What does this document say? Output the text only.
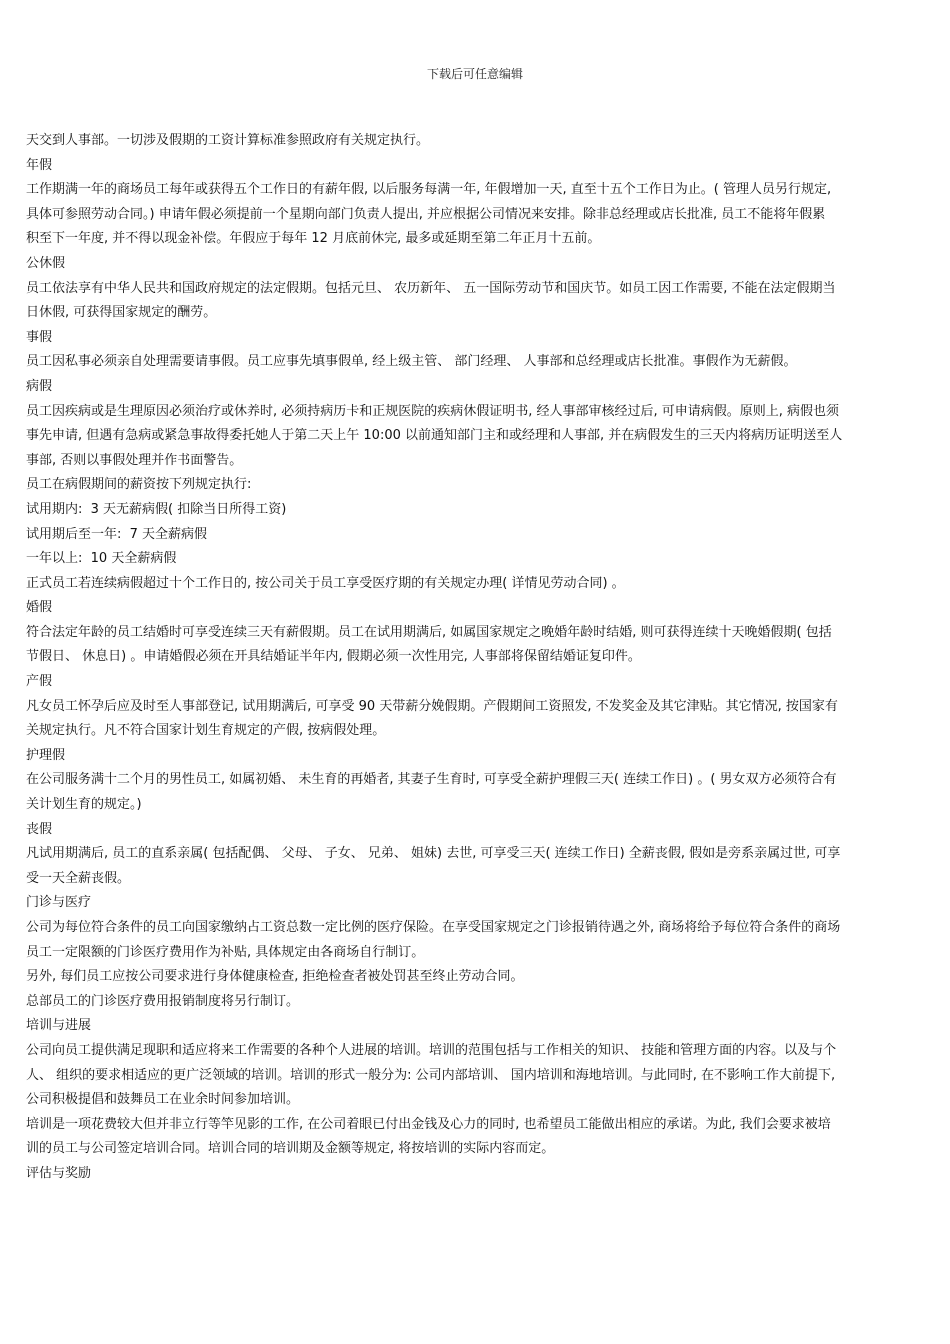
下载后可任意编辑
天交到人事部。一切涉及假期的工资计算标准参照政府有关规定执行。
年假
工作期满一年的商场员工每年或获得五个工作日的有薪年假, 以后服务每满一年, 年假增加一天, 直至十五个工作日为止。( 管理人员另行规定,
具体可参照劳动合同。) 申请年假必须提前一个星期向部门负责人提出, 并应根据公司情况来安排。除非总经理或店长批准, 员工不能将年假累
积至下一年度, 并不得以现金补偿。年假应于每年 12 月底前休完, 最多或延期至第二年正月十五前。
公休假
员工依法享有中华人民共和国政府规定的法定假期。包括元旦、 农历新年、 五一国际劳动节和国庆节。如员工因工作需要, 不能在法定假期当
日休假, 可获得国家规定的酬劳。
事假
员工因私事必须亲自处理需要请事假。员工应事先填事假单, 经上级主管、 部门经理、 人事部和总经理或店长批准。事假作为无薪假。
病假
员工因疾病或是生理原因必须治疗或休养时, 必须持病历卡和正规医院的疾病休假证明书, 经人事部审核经过后, 可申请病假。原则上, 病假也须
事先申请, 但遇有急病或紧急事故得委托她人于第二天上午 10:00 以前通知部门主和或经理和人事部, 并在病假发生的三天内将病历证明送至人
事部, 否则以事假处理并作书面警告。
员工在病假期间的薪资按下列规定执行:
试用期内:  3 天无薪病假( 扣除当日所得工资)
试用期后至一年:  7 天全薪病假
一年以上:  10 天全薪病假
正式员工若连续病假超过十个工作日的, 按公司关于员工享受医疗期的有关规定办理( 详情见劳动合同) 。
婚假
符合法定年龄的员工结婚时可享受连续三天有薪假期。员工在试用期满后, 如属国家规定之晚婚年龄时结婚, 则可获得连续十天晚婚假期( 包括
节假日、 休息日) 。申请婚假必须在开具结婚证半年内, 假期必须一次性用完, 人事部将保留结婚证复印件。
产假
凡女员工怀孕后应及时至人事部登记, 试用期满后, 可享受 90 天带薪分娩假期。产假期间工资照发, 不发奖金及其它津贴。其它情况, 按国家有
关规定执行。凡不符合国家计划生育规定的产假, 按病假处理。
护理假
在公司服务满十二个月的男性员工, 如属初婚、 未生育的再婚者, 其妻子生育时, 可享受全薪护理假三天( 连续工作日) 。( 男女双方必须符合有
关计划生育的规定。)
丧假
凡试用期满后, 员工的直系亲属( 包括配偶、 父母、 子女、 兄弟、 姐妹) 去世, 可享受三天( 连续工作日) 全薪丧假, 假如是旁系亲属过世, 可享
受一天全薪丧假。
门诊与医疗
公司为每位符合条件的员工向国家缴纳占工资总数一定比例的医疗保险。在享受国家规定之门诊报销待遇之外, 商场将给予每位符合条件的商场
员工一定限额的门诊医疗费用作为补贴, 具体规定由各商场自行制订。
另外, 每们员工应按公司要求进行身体健康检查, 拒绝检查者被处罚甚至终止劳动合同。
总部员工的门诊医疗费用报销制度将另行制订。
培训与进展
公司向员工提供满足现职和适应将来工作需要的各种个人进展的培训。培训的范围包括与工作相关的知识、 技能和管理方面的内容。以及与个
人、 组织的要求相适应的更广泛领域的培训。培训的形式一般分为: 公司内部培训、 国内培训和海地培训。与此同时, 在不影响工作大前提下,
公司积极提倡和鼓舞员工在业余时间参加培训。
培训是一项花费较大但并非立行等竿见影的工作, 在公司着眼已付出金钱及心力的同时, 也希望员工能做出相应的承诺。为此, 我们会要求被培
训的员工与公司签定培训合同。培训合同的培训期及金额等规定, 将按培训的实际内容而定。
评估与奖励
